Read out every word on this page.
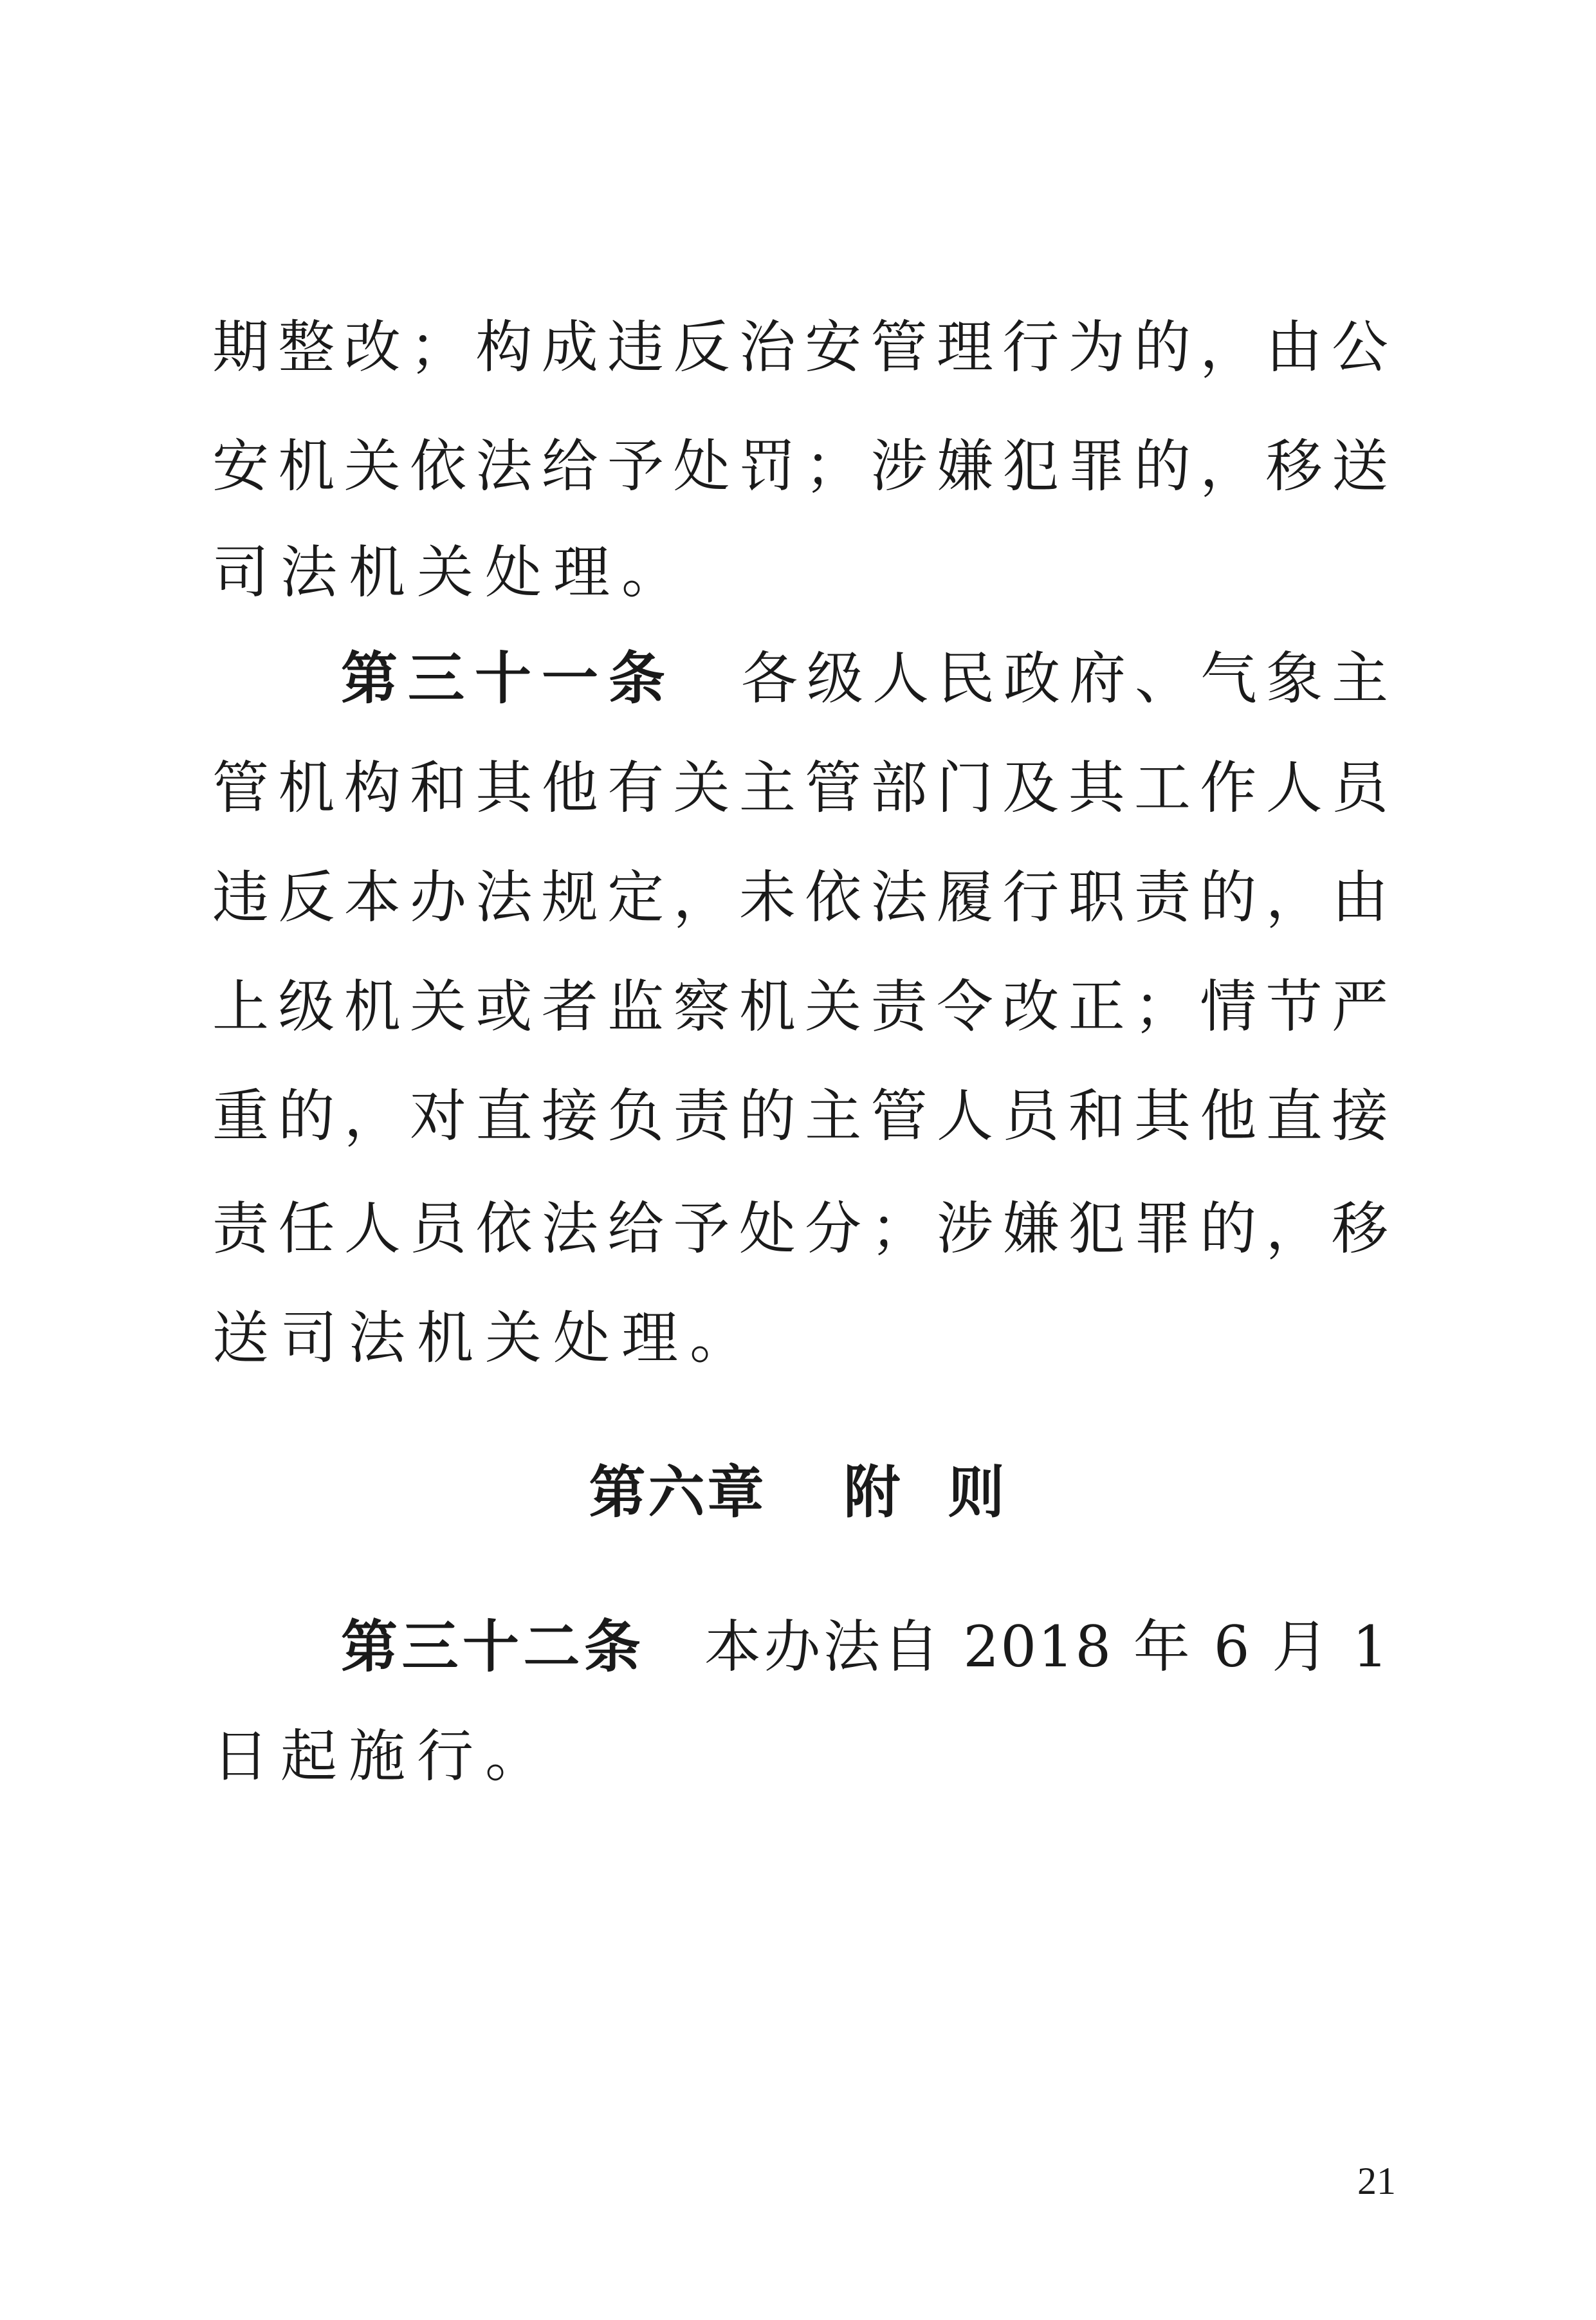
期整改；构成违反治安管理行为的，由公
安机关依法给予处罚；涉嫌犯罪的，移送
司法机关处理。
第三十一条 各级人民政府、气象主
管机构和其他有关主管部门及其工作人员
违反本办法规定，未依法履行职责的，由
上级机关或者监察机关责令改正；情节严
重的，对直接负责的主管人员和其他直接
责任人员依法给予处分；涉嫌犯罪的，移
送司法机关处理。
第六章 附 则
第三十二条 本办法自 2018 年 6 月 1
日起施行。
21
